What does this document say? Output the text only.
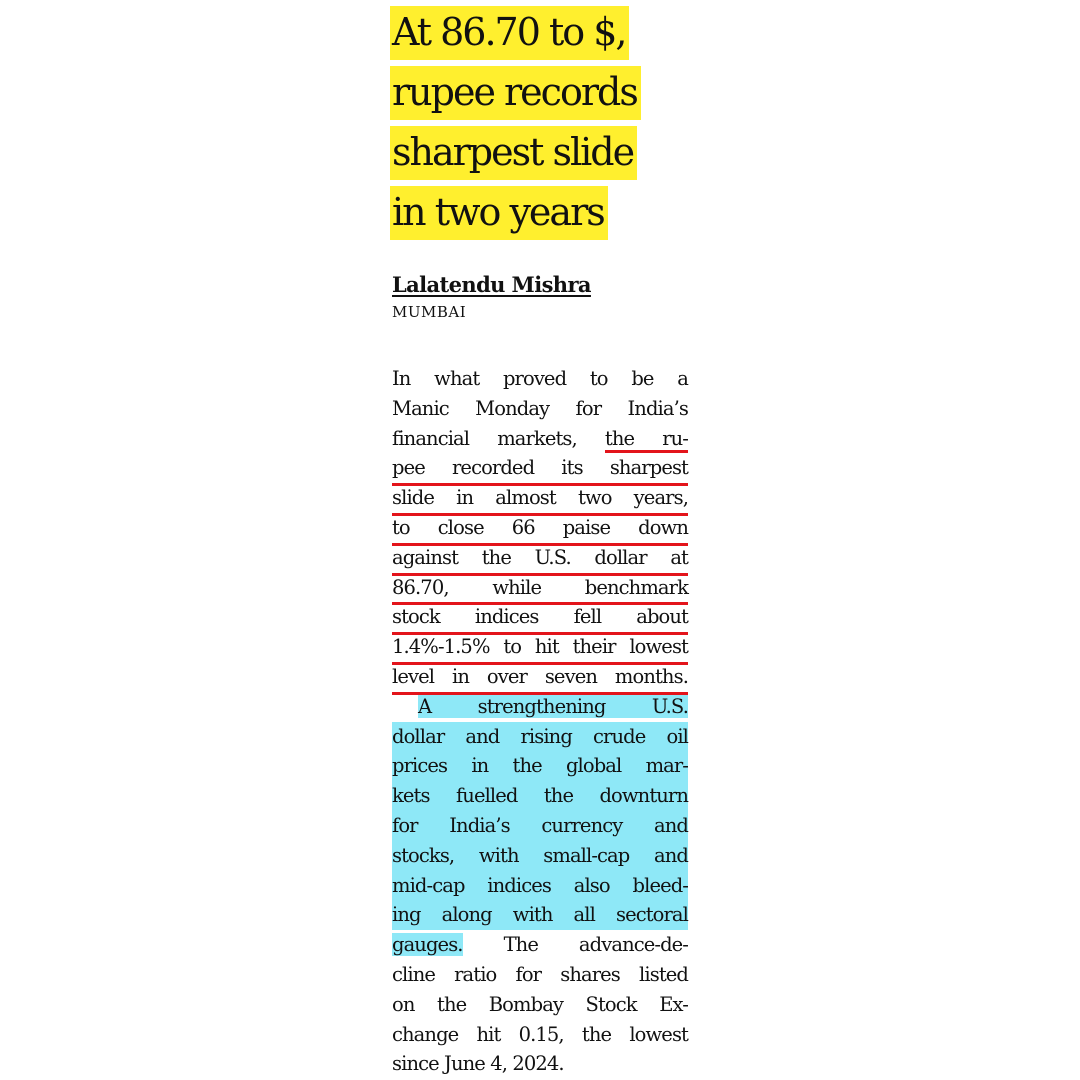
At 86.70 to $,
rupee records
sharpest slide
in two years
Lalatendu Mishra
MUMBAI
In what proved to be a
Manic Monday for India’s
financial markets, the ru-
pee recorded its sharpest
slide in almost two years,
to close 66 paise down
against the U.S. dollar at
86.70, while benchmark
stock indices fell about
1.4%-1.5% to hit their lowest
level in over seven months.
A strengthening U.S.
dollar and rising crude oil
prices in the global mar-
kets fuelled the downturn
for India’s currency and
stocks, with small-cap and
mid-cap indices also bleed-
ing along with all sectoral
gauges. The advance-de-
cline ratio for shares listed
on the Bombay Stock Ex-
change hit 0.15, the lowest
since June 4, 2024.
